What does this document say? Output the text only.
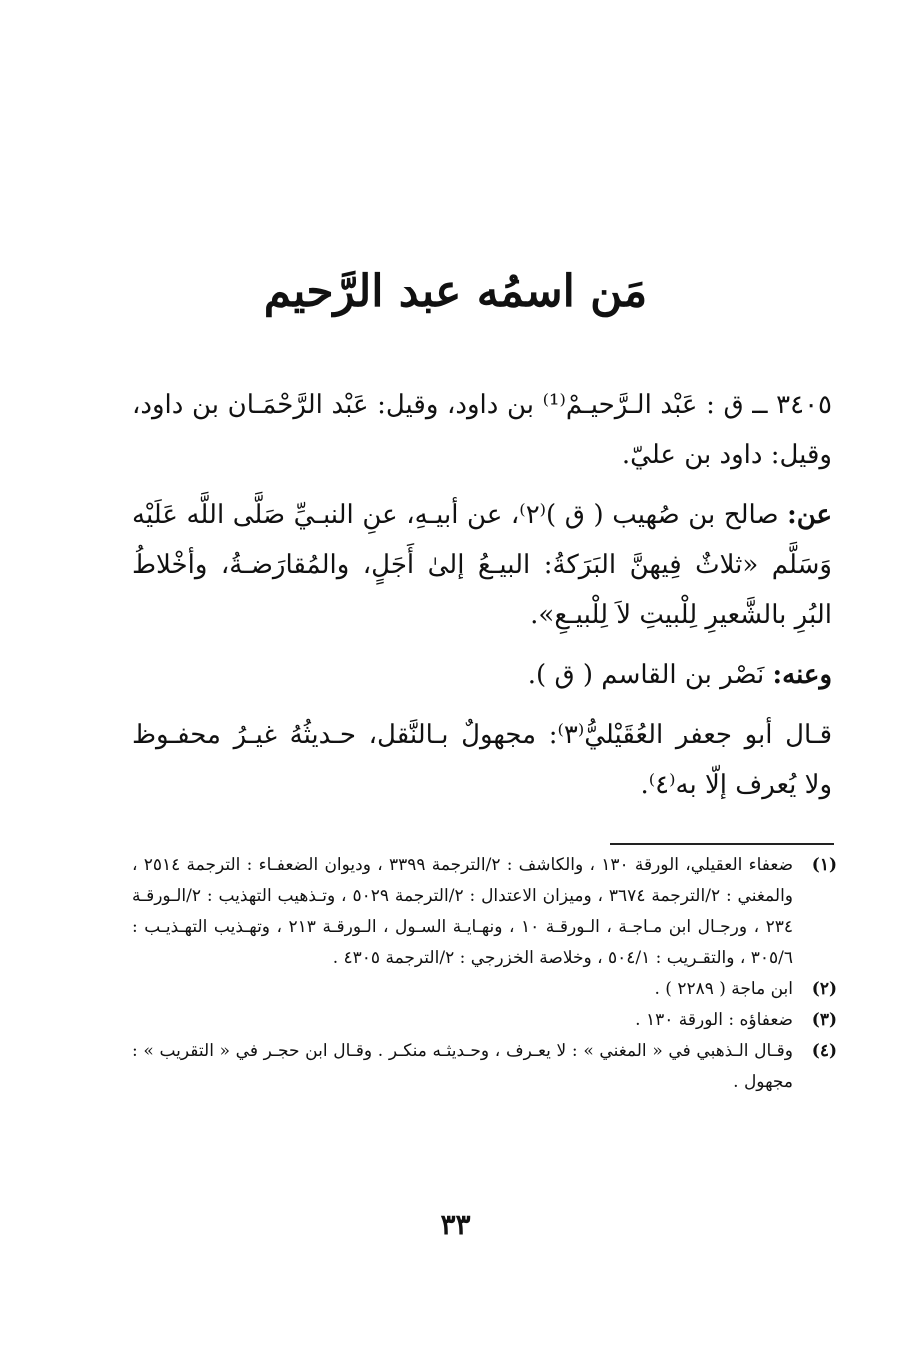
مَن اسمُه عبد الرَّحيم

٣٤٠٥ ــ ق : عَبْد الـرَّحيـمْ⁽¹⁾ بن داود، وقيل: عَبْد الرَّحْمَـان بن داود، وقيل: داود بن عليّ.

عن: صالح بن صُهيب ( ق )⁽٢⁾، عن أبيـهِ، عنِ النبـيِّ صَلَّى اللَّه عَلَيْه وَسَلَّم «ثلاثٌ فِيهنَّ البَرَكةُ: البيـعُ إلىٰ أَجَلٍ، والمُقارَضـةُ، وأخْلاطُ البُرِ بالشَّعيرِ لِلْبيتِ لاَ لِلْبيـعِ».

وعنه: نَصْر بن القاسم ( ق ).

قـال أبو جعفر العُقَيْليُّ⁽٣⁾: مجهولٌ بـالنَّقل، حـديثُهُ غيـرُ محفـوظ ولا يُعرف إلّا به⁽٤⁾.

(١)
ضعفاء العقيلي، الورقة ١٣٠ ، والكاشف : ٢/الترجمة ٣٣٩٩ ، وديوان الضعفـاء : الترجمة ٢٥١٤ ، والمغني : ٢/الترجمة ٣٦٧٤ ، وميزان الاعتدال : ٢/الترجمة ٥٠٢٩ ، وتـذهيب التهذيب : ٢/الـورقـة ٢٣٤ ، ورجـال ابن مـاجـة ، الـورقـة ١٠ ، ونهـايـة السـول ، الـورقـة ٢١٣ ، وتهـذيب التهـذيـب : ٣٠٥/٦ ، والتقـريب : ٥٠٤/١ ، وخلاصة الخزرجي : ٢/الترجمة ٤٣٠٥ .
(٢)
ابن ماجة ( ٢٢٨٩ ) .
(٣)
ضعفاؤه : الورقة ١٣٠ .
(٤)
وقـال الـذهبي في « المغني » : لا يعـرف ، وحـديثـه منكـر . وقـال ابن حجـر في « التقريب » : مجهول .
٣٣
